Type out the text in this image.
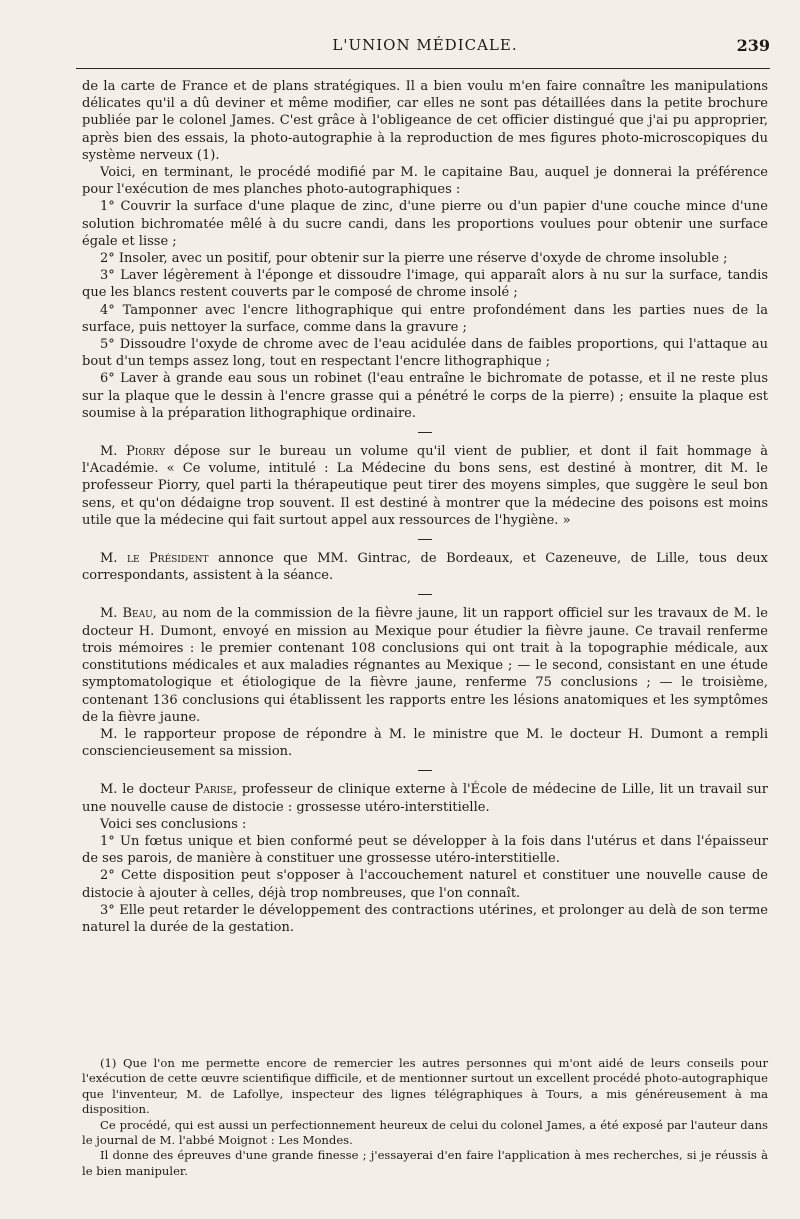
L'UNION MÉDICALE.	239

de la carte de France et de plans stratégiques. Il a bien voulu m'en faire connaître les manipulations délicates qu'il a dû deviner et même modifier, car elles ne sont pas détaillées dans la petite brochure publiée par le colonel James. C'est grâce à l'obligeance de cet officier distingué que j'ai pu approprier, après bien des essais, la photo-autographie à la reproduction de mes figures photo-microscopiques du système nerveux (1).

Voici, en terminant, le procédé modifié par M. le capitaine Bau, auquel je donnerai la préférence pour l'exécution de mes planches photo-autographiques :

1° Couvrir la surface d'une plaque de zinc, d'une pierre ou d'un papier d'une couche mince d'une solution bichromatée mêlé à du sucre candi, dans les proportions voulues pour obtenir une surface égale et lisse ;

2° Insoler, avec un positif, pour obtenir sur la pierre une réserve d'oxyde de chrome insoluble ;

3° Laver légèrement à l'éponge et dissoudre l'image, qui apparaît alors à nu sur la surface, tandis que les blancs restent couverts par le composé de chrome insolé ;

4° Tamponner avec l'encre lithographique qui entre profondément dans les parties nues de la surface, puis nettoyer la surface, comme dans la gravure ;

5° Dissoudre l'oxyde de chrome avec de l'eau acidulée dans de faibles proportions, qui l'attaque au bout d'un temps assez long, tout en respectant l'encre lithographique ;

6° Laver à grande eau sous un robinet (l'eau entraîne le bichromate de potasse, et il ne reste plus sur la plaque que le dessin à l'encre grasse qui a pénétré le corps de la pierre) ; ensuite la plaque est soumise à la préparation lithographique ordinaire.

M. Piorry dépose sur le bureau un volume qu'il vient de publier, et dont il fait hommage à l'Académie. « Ce volume, intitulé : La Médecine du bons sens, est destiné à montrer, dit M. le professeur Piorry, quel parti la thérapeutique peut tirer des moyens simples, que suggère le seul bon sens, et qu'on dédaigne trop souvent. Il est destiné à montrer que la médecine des poisons est moins utile que la médecine qui fait surtout appel aux ressources de l'hygiène. »

M. le Président annonce que MM. Gintrac, de Bordeaux, et Cazeneuve, de Lille, tous deux correspondants, assistent à la séance.

M. Beau, au nom de la commission de la fièvre jaune, lit un rapport officiel sur les travaux de M. le docteur H. Dumont, envoyé en mission au Mexique pour étudier la fièvre jaune. Ce travail renferme trois mémoires : le premier contenant 108 conclusions qui ont trait à la topographie médicale, aux constitutions médicales et aux maladies régnantes au Mexique ; — le second, consistant en une étude symptomatologique et étiologique de la fièvre jaune, renferme 75 conclusions ; — le troisième, contenant 136 conclusions qui établissent les rapports entre les lésions anatomiques et les symptômes de la fièvre jaune.

M. le rapporteur propose de répondre à M. le ministre que M. le docteur H. Dumont a rempli consciencieusement sa mission.

M. le docteur Parise, professeur de clinique externe à l'École de médecine de Lille, lit un travail sur une nouvelle cause de distocie : grossesse utéro-interstitielle.

Voici ses conclusions :

1° Un fœtus unique et bien conformé peut se développer à la fois dans l'utérus et dans l'épaisseur de ses parois, de manière à constituer une grossesse utéro-interstitielle.

2° Cette disposition peut s'opposer à l'accouchement naturel et constituer une nouvelle cause de distocie à ajouter à celles, déjà trop nombreuses, que l'on connaît.

3° Elle peut retarder le développement des contractions utérines, et prolonger au delà de son terme naturel la durée de la gestation.

(1) Que l'on me permette encore de remercier les autres personnes qui m'ont aidé de leurs conseils pour l'exécution de cette œuvre scientifique difficile, et de mentionner surtout un excellent procédé photo-autographique que l'inventeur, M. de Lafollye, inspecteur des lignes télégraphiques à Tours, a mis généreusement à ma disposition.

Ce procédé, qui est aussi un perfectionnement heureux de celui du colonel James, a été exposé par l'auteur dans le journal de M. l'abbé Moignot : Les Mondes.

Il donne des épreuves d'une grande finesse ; j'essayerai d'en faire l'application à mes recherches, si je réussis à le bien manipuler.
